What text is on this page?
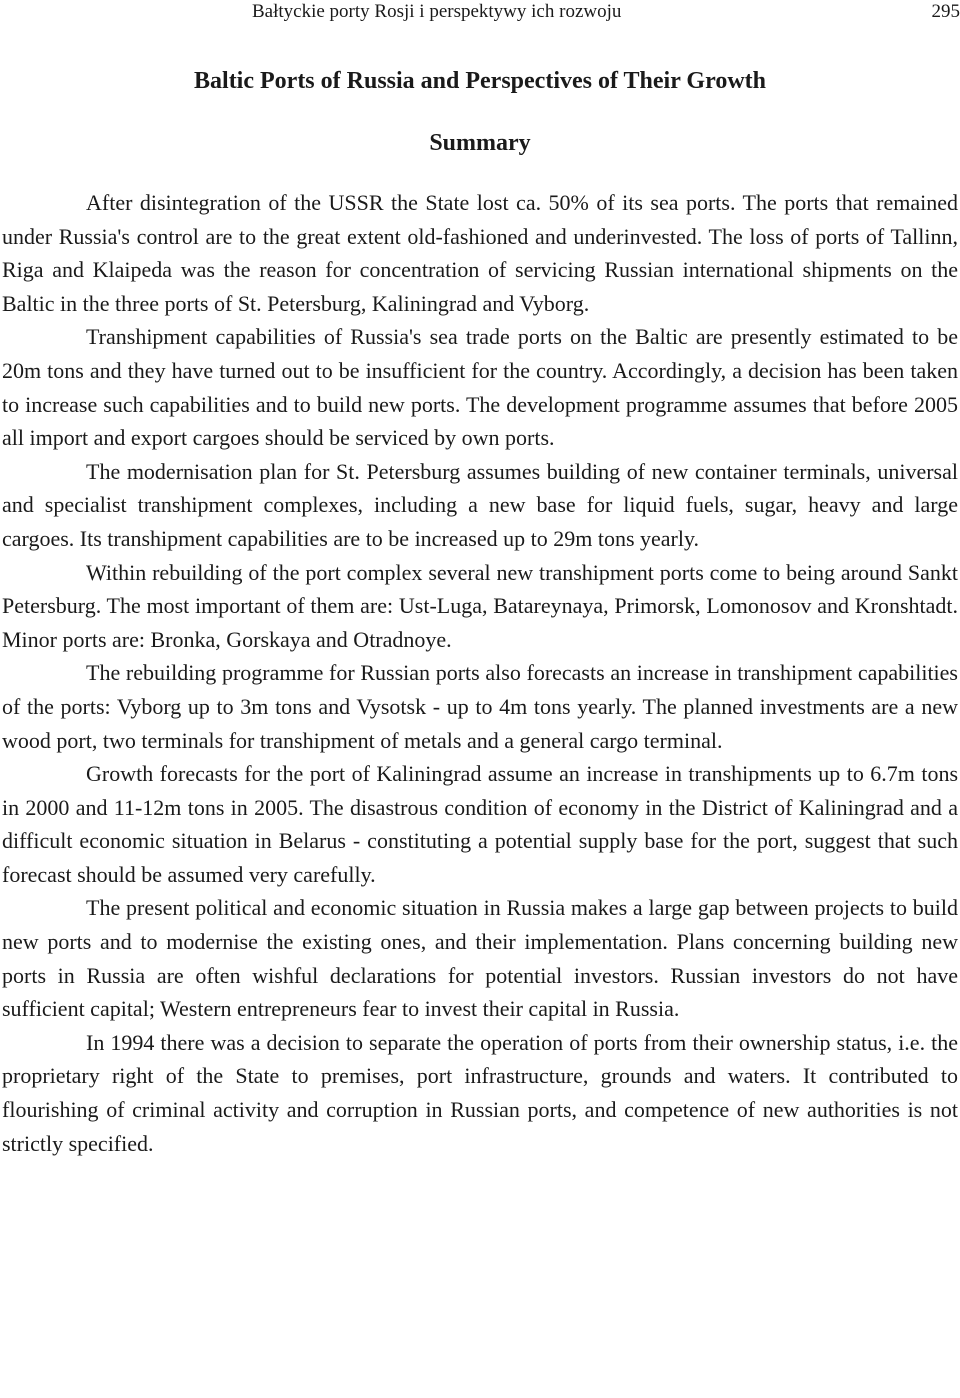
Bałtyckie porty Rosji i perspektywy ich rozwoju	295
Baltic Ports of Russia and Perspectives of Their Growth
Summary

After disintegration of the USSR the State lost ca. 50% of its sea ports. The ports that remained under Russia's control are to the great extent old-fashioned and underinvested. The loss of ports of Tallinn, Riga and Klaipeda was the reason for concentration of servicing Russian international shipments on the Baltic in the three ports of St. Petersburg, Kaliningrad and Vyborg.

Transhipment capabilities of Russia's sea trade ports on the Baltic are presently estimated to be 20m tons and they have turned out to be insufficient for the country. Accordingly, a decision has been taken to increase such capabilities and to build new ports. The development programme assumes that before 2005 all import and export cargoes should be serviced by own ports.

The modernisation plan for St. Petersburg assumes building of new container terminals, universal and specialist transhipment complexes, including a new base for liquid fuels, sugar, heavy and large cargoes. Its transhipment capabilities are to be increased up to 29m tons yearly.

Within rebuilding of the port complex several new transhipment ports come to being around Sankt Petersburg. The most important of them are: Ust-Luga, Batareynaya, Primorsk, Lomonosov and Kronshtadt. Minor ports are: Bronka, Gorskaya and Otradnoye.

The rebuilding programme for Russian ports also forecasts an increase in transhipment capabilities of the ports: Vyborg up to 3m tons and Vysotsk - up to 4m tons yearly. The planned investments are a new wood port, two terminals for transhipment of metals and a general cargo terminal.

Growth forecasts for the port of Kaliningrad assume an increase in transhipments up to 6.7m tons in 2000 and 11-12m tons in 2005. The disastrous condition of economy in the District of Kaliningrad and a difficult economic situation in Belarus - constituting a potential supply base for the port, suggest that such forecast should be assumed very carefully.

The present political and economic situation in Russia makes a large gap between projects to build new ports and to modernise the existing ones, and their implementation. Plans concerning building new ports in Russia are often wishful declarations for potential investors. Russian investors do not have sufficient capital; Western entrepreneurs fear to invest their capital in Russia.

In 1994 there was a decision to separate the operation of ports from their ownership status, i.e. the proprietary right of the State to premises, port infrastructure, grounds and waters. It contributed to flourishing of criminal activity and corruption in Russian ports, and competence of new authorities is not strictly specified.
